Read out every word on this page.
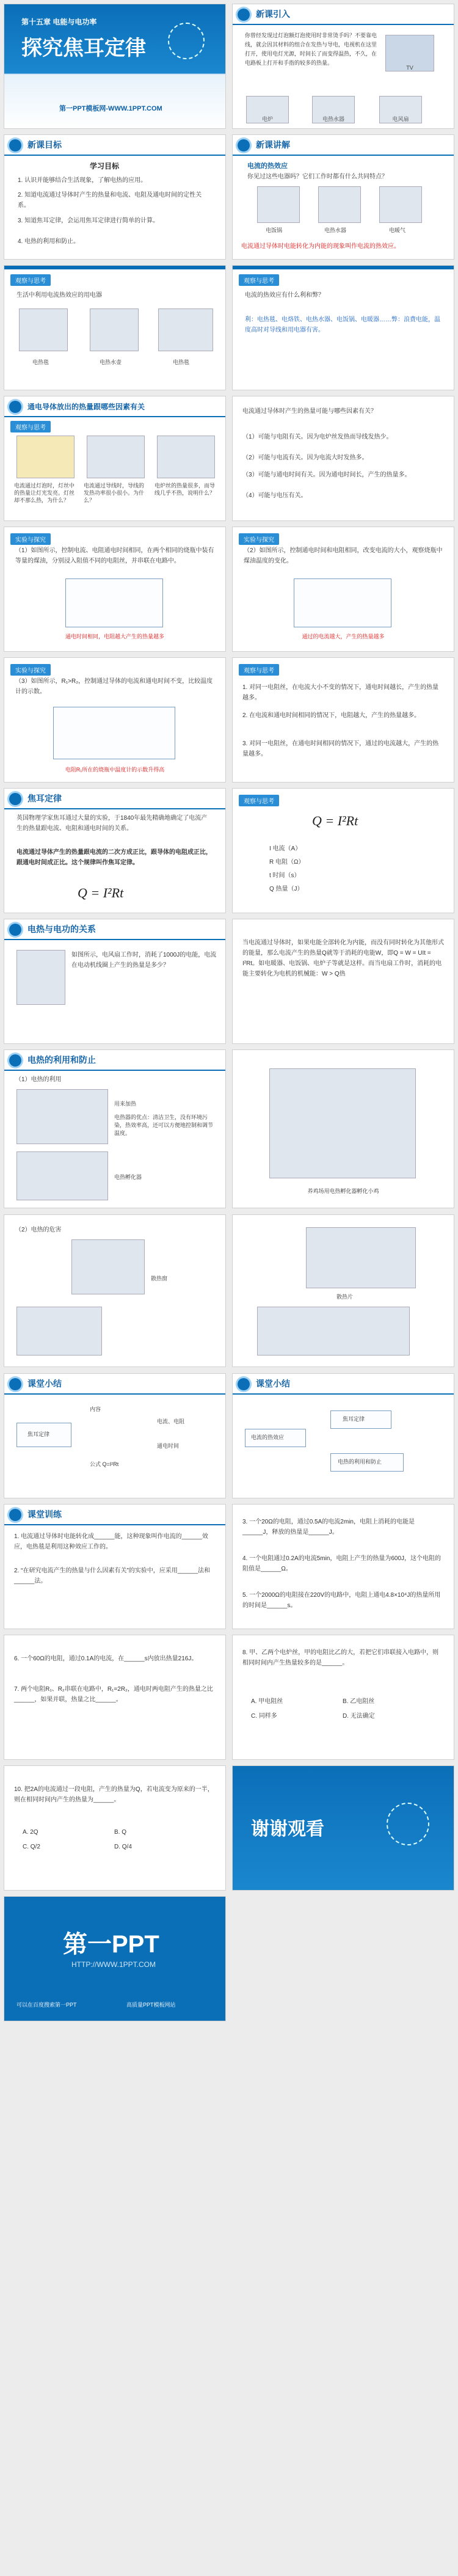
第十五章 电能与电功率
探究焦耳定律
第一PPT模板网-WWW.1PPT.COM
新课引入
你曾经发现过灯泡额灯泡使用时非常烫手吗？不要靠电线，就会因其材料的组合在发热与导电，电视机在这里打开，使用电灯光源，时间长了而变得温热，不久，在电路板上打开和手指的较多的热量。
TV
电炉	电热水器	电风扇
新课目标
学习目标
1. 认识并能够结合生活现象，了解电热的应用。
2. 知道电流通过导体时产生的热量和电流、电阻及通电时间的定性关系。
3. 知道焦耳定律，会运用焦耳定律进行简单的计算。
4. 电热的利用和防止。
新课讲解
电流的热效应
你见过这些电器吗？它们工作时都有什么共同特点？
电饭锅	电热水器	电暖气
电流通过导体时电能转化为内能的现象叫作电流的热效应。
观察与思考
生活中利用电流热效应的用电器
电热毯	电热水壶	电热毯
观察与思考
电流的热效应有什么利和弊？
利：电热毯、电烙铁、电热水器、电饭锅、电暖器……弊：浪费电能，温度高时对导线和用电器有害。
通电导体放出的热量跟哪些因素有关
观察与思考
电流通过灯泡时，灯丝中的热量让灯光发亮。灯丝却不那么热，为什么？
电流通过导线时，导线的发热功率很小很小。为什么？
电炉丝的热量很多，而导线几乎不热，说明什么？
电流通过导体时产生的热量可能与哪些因素有关？
（1）可能与电阻有关。因为电炉丝发热而导线发热少。
（2）可能与电流有关。因为电流大时发热多。
（3）可能与通电时间有关。因为通电时间长，产生的热量多。
（4）可能与电压有关。
实验与探究
（1）如图所示，控制电流、电阻通电时间相同，在两个相同的烧瓶中装有等量的煤油，分别浸入阻值不同的电阻丝，并串联在电路中。
通电时间相同，电阻越大产生的热量越多
实验与探究
（2）如图所示，控制通电时间和电阻相同，改变电流的大小，观察烧瓶中煤油温度的变化。
通过的电流越大，产生的热量越多
实验与探究
（3）如图所示，R₁>R₂，控制通过导体的电流和通电时间不变，比较温度计的示数。
电阻R₁所在的烧瓶中温度计的示数升得高
观察与思考
1. 对同一电阻丝，在电流大小不变的情况下，通电时间越长，产生的热量越多。
2. 在电流和通电时间相同的情况下，电阻越大，产生的热量越多。
3. 对同一电阻丝，在通电时间相同的情况下，通过的电流越大，产生的热量越多。
焦耳定律
英国物理学家焦耳通过大量的实验，于1840年最先精确地确定了电流产生的热量跟电流、电阻和通电时间的关系。
电流通过导体产生的热量跟电流的二次方成正比，跟导体的电阻成正比，跟通电时间成正比。这个规律叫作焦耳定律。
Q = I²Rt
观察与思考
Q = I²Rt
I 电流（A）
R 电阻（Ω）
t 时间（s）
Q 热量（J）
电热与电功的关系
如图所示，电风扇工作时，消耗了1000J的电能，电流在电动机线圈上产生的热量是多少？
当电流通过导体时，如果电能全部转化为内能，而没有同时转化为其他形式的能量，那么电流产生的热量Q就等于消耗的电能W，即Q = W = UIt = I²Rt。如电暖器、电饭锅、电炉子等就是这样。而当电扇工作时，消耗的电能主要转化为电机的机械能：W > Q热
电热的利用和防止
（1）电热的利用
用来加热
电热器的优点：清洁卫生，没有环境污染，热效率高，还可以方便地控制和调节温度。
电热孵化器
养鸡场用电热孵化器孵化小鸡
（2）电热的危害
散热窗
散热片
课堂小结
焦耳定律
内容
电流、电阻
通电时间
公式 Q=I²Rt
课堂小结
电流的热效应
焦耳定律
电热的利用和防止
课堂训练
1. 电流通过导体时电能转化成______能，这种现象叫作电流的______效应，电热毯是利用这种效应工作的。
2. “在研究电流产生的热量与什么因素有关”的实验中，应采用______法和______法。
3. 一个20Ω的电阻，通过0.5A的电流2min，电阻上消耗的电能是______J，释放的热量是______J。
4. 一个电阻通过0.2A的电流5min，电阻上产生的热量为600J，这个电阻的阻值是______Ω。
5. 一个2000Ω的电阻接在220V的电路中，电阻上通电4.8×10⁴J的热量所用的时间是______s。
6. 一个60Ω的电阻，通过0.1A的电流，在______s内放出热量216J。
7. 两个电阻R₁、R₂串联在电路中，R₁=2R₂，通电时两电阻产生的热量之比______，如果并联，热量之比______。
8. 甲、乙两个电炉丝，甲的电阻比乙的大，若把它们串联接入电路中，则相同时间内产生热量较多的是______。
A. 甲电阻丝	B. 乙电阻丝
C. 同样多	D. 无法确定
10. 把2A的电流通过一段电阻，产生的热量为Q，若电流变为原来的一半，则在相同时间内产生的热量为______。
A. 2Q	B. Q
C. Q/2	D. Q/4
谢谢观看
第一PPT
HTTP://WWW.1PPT.COM
可以在百度搜索第一PPT	高质量PPT模板网站
